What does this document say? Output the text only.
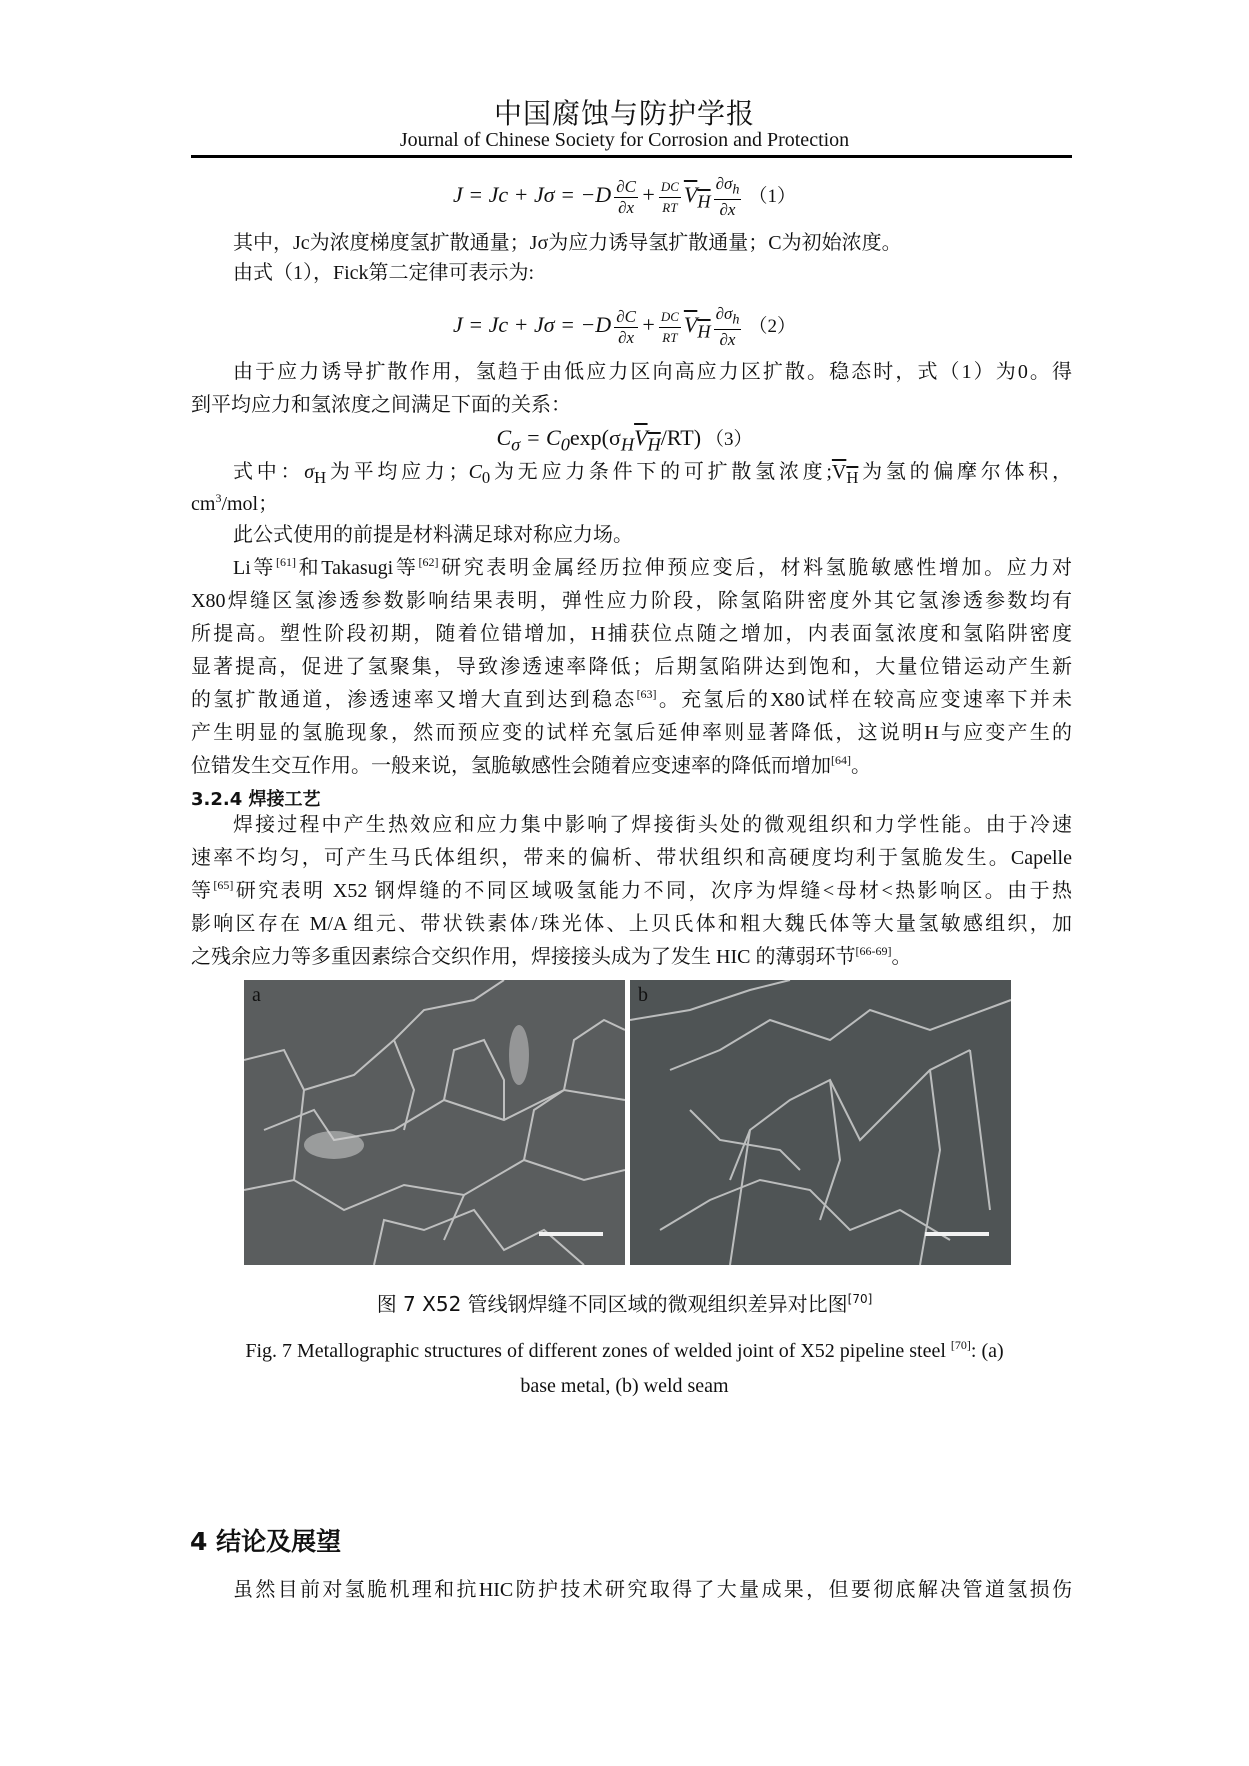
中国腐蚀与防护学报
Journal of Chinese Society for Corrosion and Protection
$J = Jc + J\sigma = -D \frac{\partial C}{\partial x} + \frac{DC}{RT} V_H \frac{\partial\sigma_h}{\partial x} (1)$
其中，Jc为浓度梯度氢扩散通量；Jσ为应力诱导氢扩散通量；C为初始浓度。
由式（1），Fick第二定律可表示为:
$J = Jc + J\sigma = -D \frac{\partial C}{\partial x} + \frac{DC}{RT} V_H \frac{\partial\sigma_h}{\partial x} (2)$
由于应力诱导扩散作用，氢趋于由低应力区向高应力区扩散。稳态时，式（1）为0。得
到平均应力和氢浓度之间满足下面的关系：
$C_\sigma = C_0\exp(\sigma_HV_H/RT)$ （3）
式中：$\sigma_H$为平均应力；$C_0$为无应力条件下的可扩散氢浓度$;V_H$为氢的偏摩尔体积，
$cm^3$/mol；
此公式使用的前提是材料满足球对称应力场。
Li等[61]和Takasugi等[62]研究表明金属经历拉伸预应变后，材料氢脆敏感性增加。应力对
X80焊缝区氢渗透参数影响结果表明，弹性应力阶段，除氢陷阱密度外其它氢渗透参数均有
所提高。塑性阶段初期，随着位错增加，H捕获位点随之增加，内表面氢浓度和氢陷阱密度
显著提高，促进了氢聚集，导致渗透速率降低；后期氢陷阱达到饱和，大量位错运动产生新
的氢扩散通道，渗透速率又增大直到达到稳态[63]。充氢后的X80试样在较高应变速率下并未
产生明显的氢脆现象，然而预应变的试样充氢后延伸率则显著降低，这说明H与应变产生的
位错发生交互作用。一般来说，氢脆敏感性会随着应变速率的降低而增加[64]。
3.2.4 焊接工艺
焊接过程中产生热效应和应力集中影响了焊接街头处的微观组织和力学性能。由于冷速
速率不均匀，可产生马氏体组织，带来的偏析、带状组织和高硬度均利于氢脆发生。Capelle
等[65]研究表明 X52 钢焊缝的不同区域吸氢能力不同，次序为焊缝<母材<热影响区。由于热
影响区存在 M/A 组元、带状铁素体/珠光体、上贝氏体和粗大魏氏体等大量氢敏感组织，加
之残余应力等多重因素综合交织作用，焊接接头成为了发生 HIC 的薄弱环节[66-69]。
a	b
图 7 X52 管线钢焊缝不同区域的微观组织差异对比图[70]
Fig. 7 Metallographic structures of different zones of welded joint of X52 pipeline steel [70]: (a)
base metal, (b) weld seam
4 结论及展望
虽然目前对氢脆机理和抗HIC防护技术研究取得了大量成果，但要彻底解决管道氢损伤
